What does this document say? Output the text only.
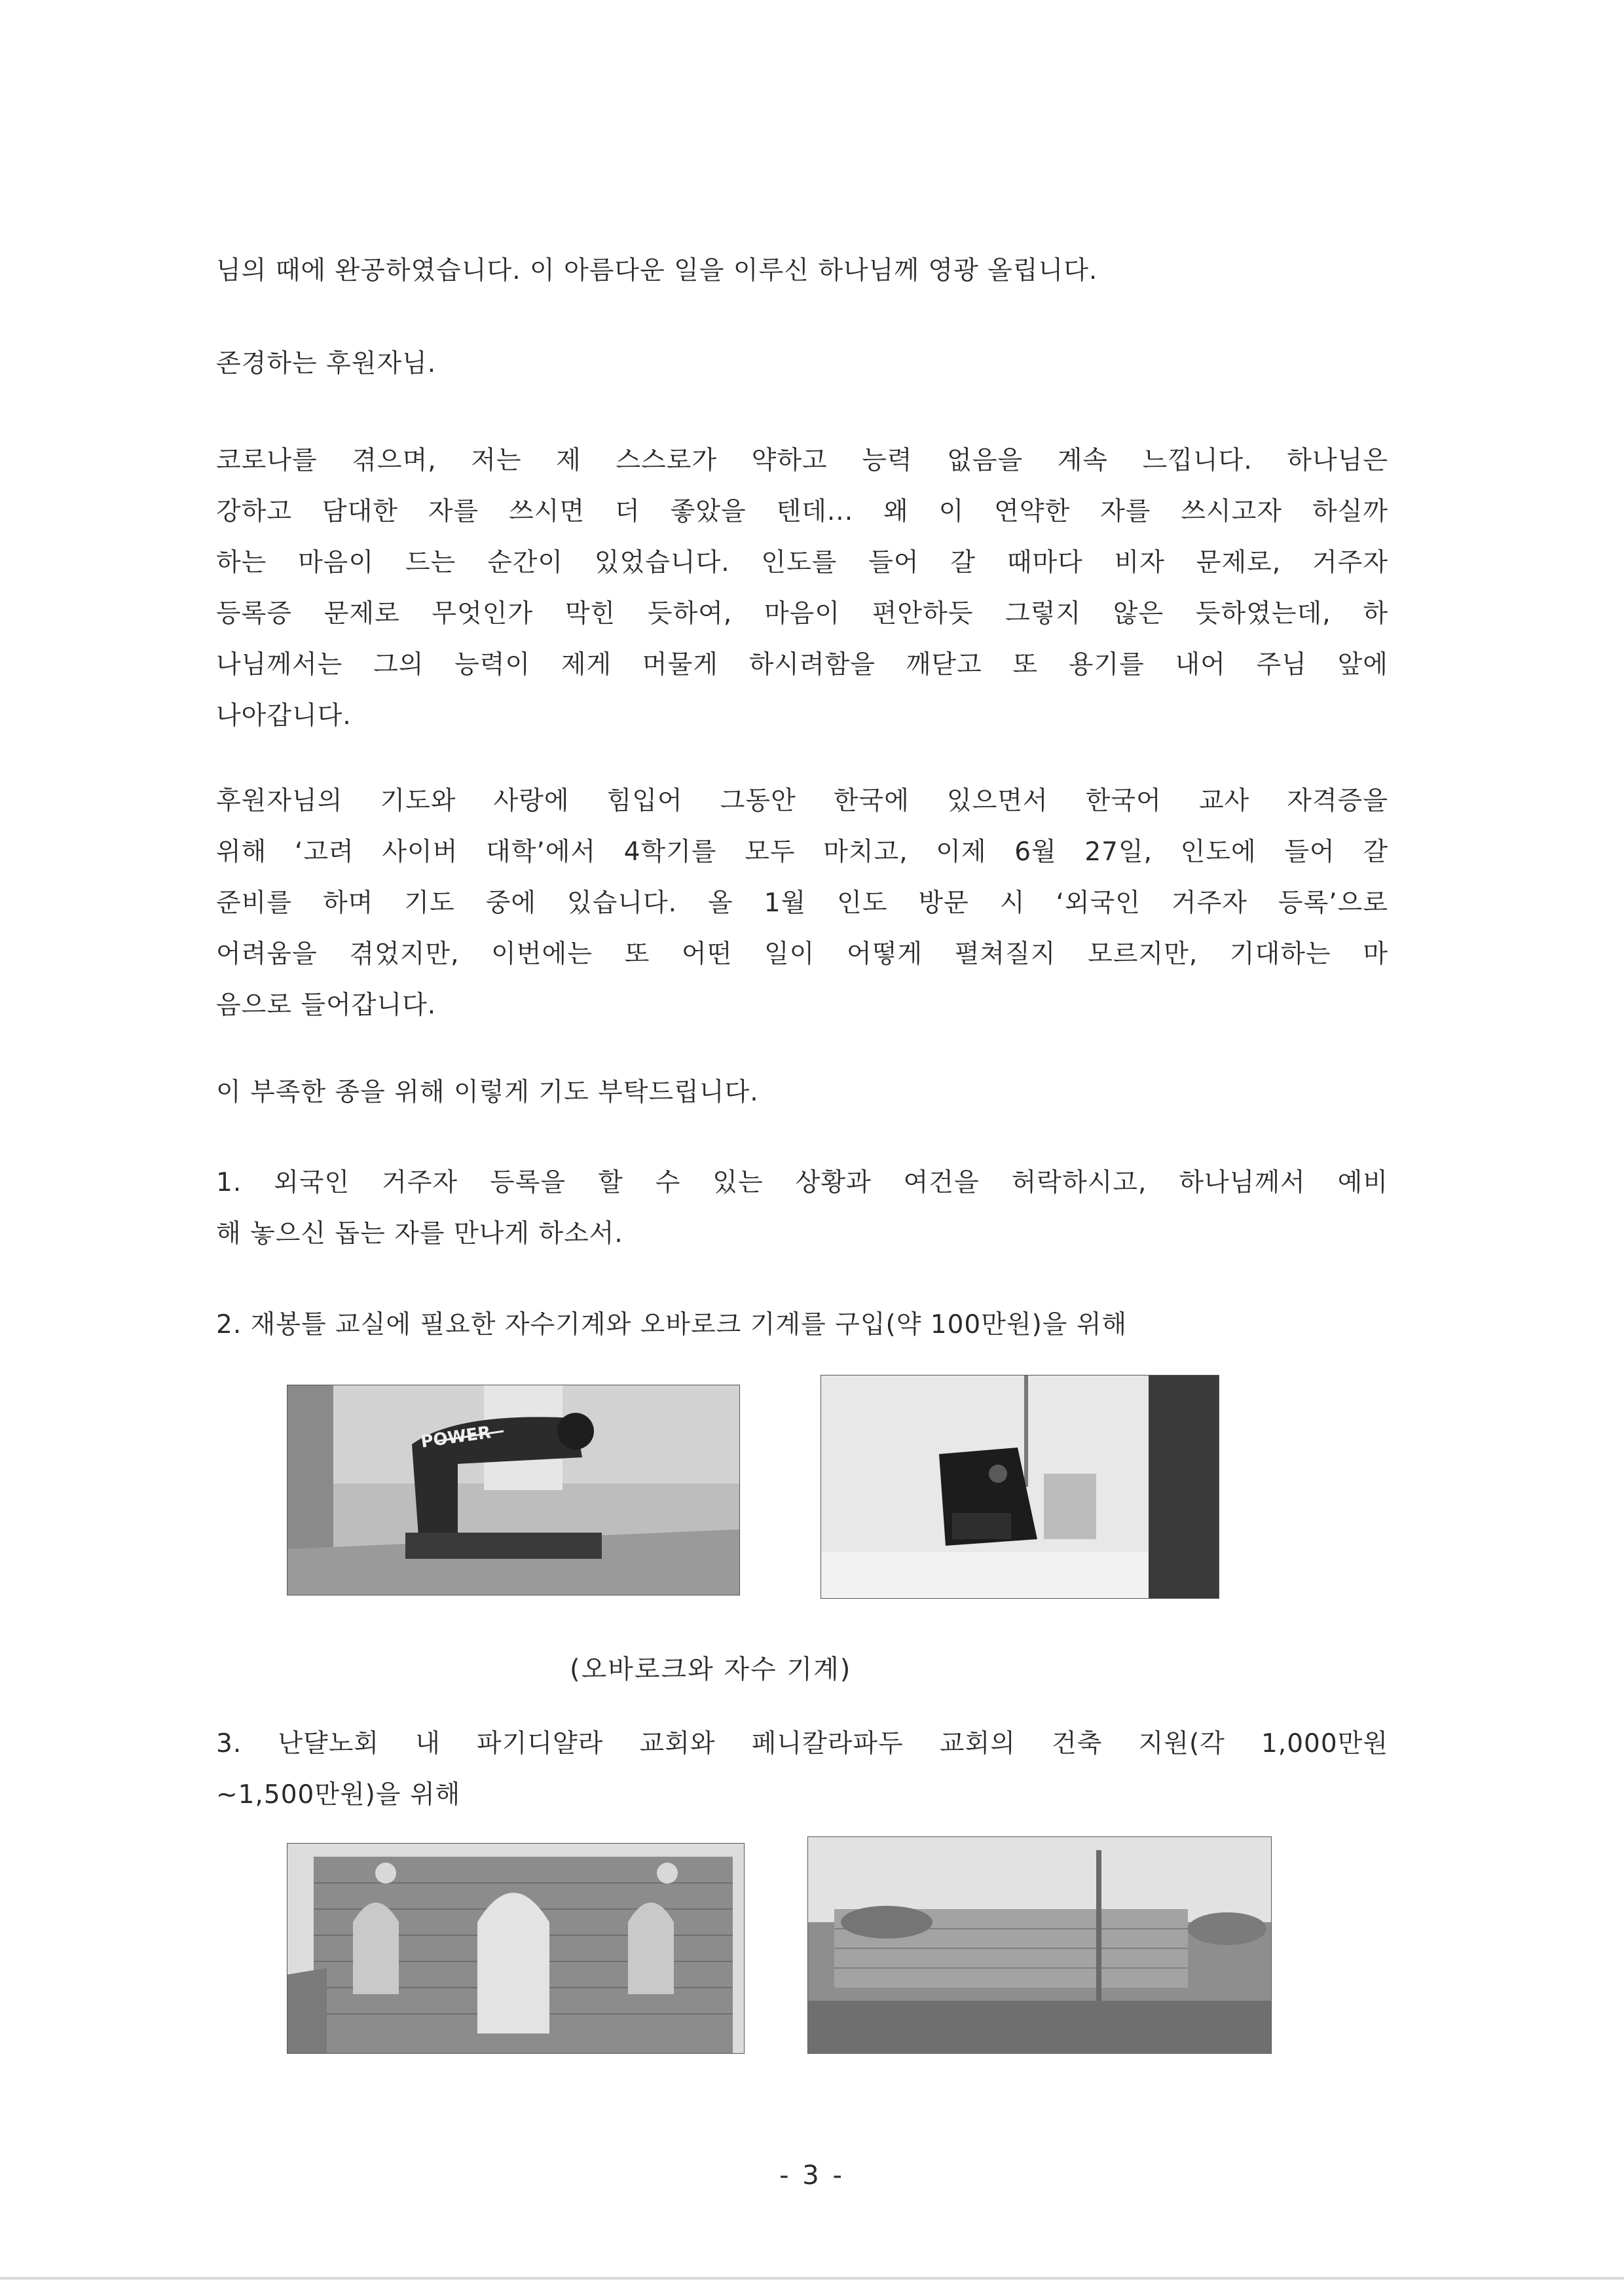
님의 때에 완공하였습니다. 이 아름다운 일을 이루신 하나님께 영광 올립니다.

존경하는 후원자님.

코로나를 겪으며, 저는 제 스스로가 약하고 능력 없음을 계속 느낍니다. 하나님은

강하고 담대한 자를 쓰시면 더 좋았을 텐데... 왜 이 연약한 자를 쓰시고자 하실까

하는 마음이 드는 순간이 있었습니다. 인도를 들어 갈 때마다 비자 문제로, 거주자

등록증 문제로 무엇인가 막힌 듯하여, 마음이 편안하듯 그렇지 않은 듯하였는데, 하

나님께서는 그의 능력이 제게 머물게 하시려함을 깨닫고 또 용기를 내어 주님 앞에

나아갑니다.

후원자님의 기도와 사랑에 힘입어 그동안 한국에 있으면서 한국어 교사 자격증을

위해 ‘고려 사이버 대학’에서 4학기를 모두 마치고, 이제 6월 27일, 인도에 들어 갈

준비를 하며 기도 중에 있습니다. 올 1월 인도 방문 시 ‘외국인 거주자 등록’으로

어려움을 겪었지만, 이번에는 또 어떤 일이 어떻게 펼쳐질지 모르지만, 기대하는 마

음으로 들어갑니다.

이 부족한 종을 위해 이렇게 기도 부탁드립니다.

1. 외국인 거주자 등록을 할 수 있는 상황과 여건을 허락하시고, 하나님께서 예비

해 놓으신 돕는 자를 만나게 하소서.

2. 재봉틀 교실에 필요한 자수기계와 오바로크 기계를 구입(약 100만원)을 위해

POWER

(오바로크와 자수 기계)

3. 난댤노회 내 파기디얄라 교회와 페니칼라파두 교회의 건축 지원(각 1,000만원

~1,500만원)을 위해

- 3 -
